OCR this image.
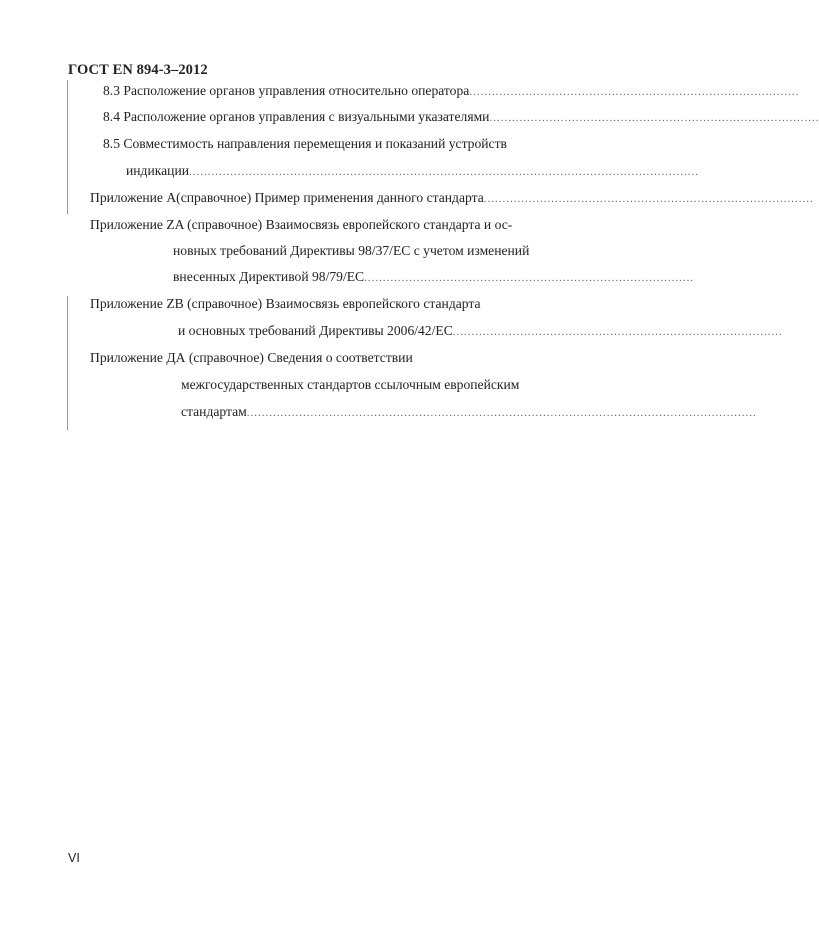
ГОСТ EN 894-3–2012
8.3 Расположение органов управления относительно оператора ........................................................................................
8.4 Расположение органов управления с визуальными указателями ........................................................................................
8.5 Совместимость направления перемещения и показаний устройств
индикации ........................................................................................................................................
Приложение А(справочное) Пример применения данного стандарта ........................................................................................
Приложение ZA (справочное) Взаимосвязь европейского стандарта и ос-
новных требований Директивы 98/37/EC с учетом изменений
внесенных Директивой 98/79/EC ........................................................................................
Приложение ZB (справочное) Взаимосвязь европейского стандарта
и основных требований Директивы 2006/42/EC ........................................................................................
Приложение ДА (справочное) Сведения о соответствии
межгосударственных стандартов ссылочным европейским
стандартам ........................................................................................................................................
VI
